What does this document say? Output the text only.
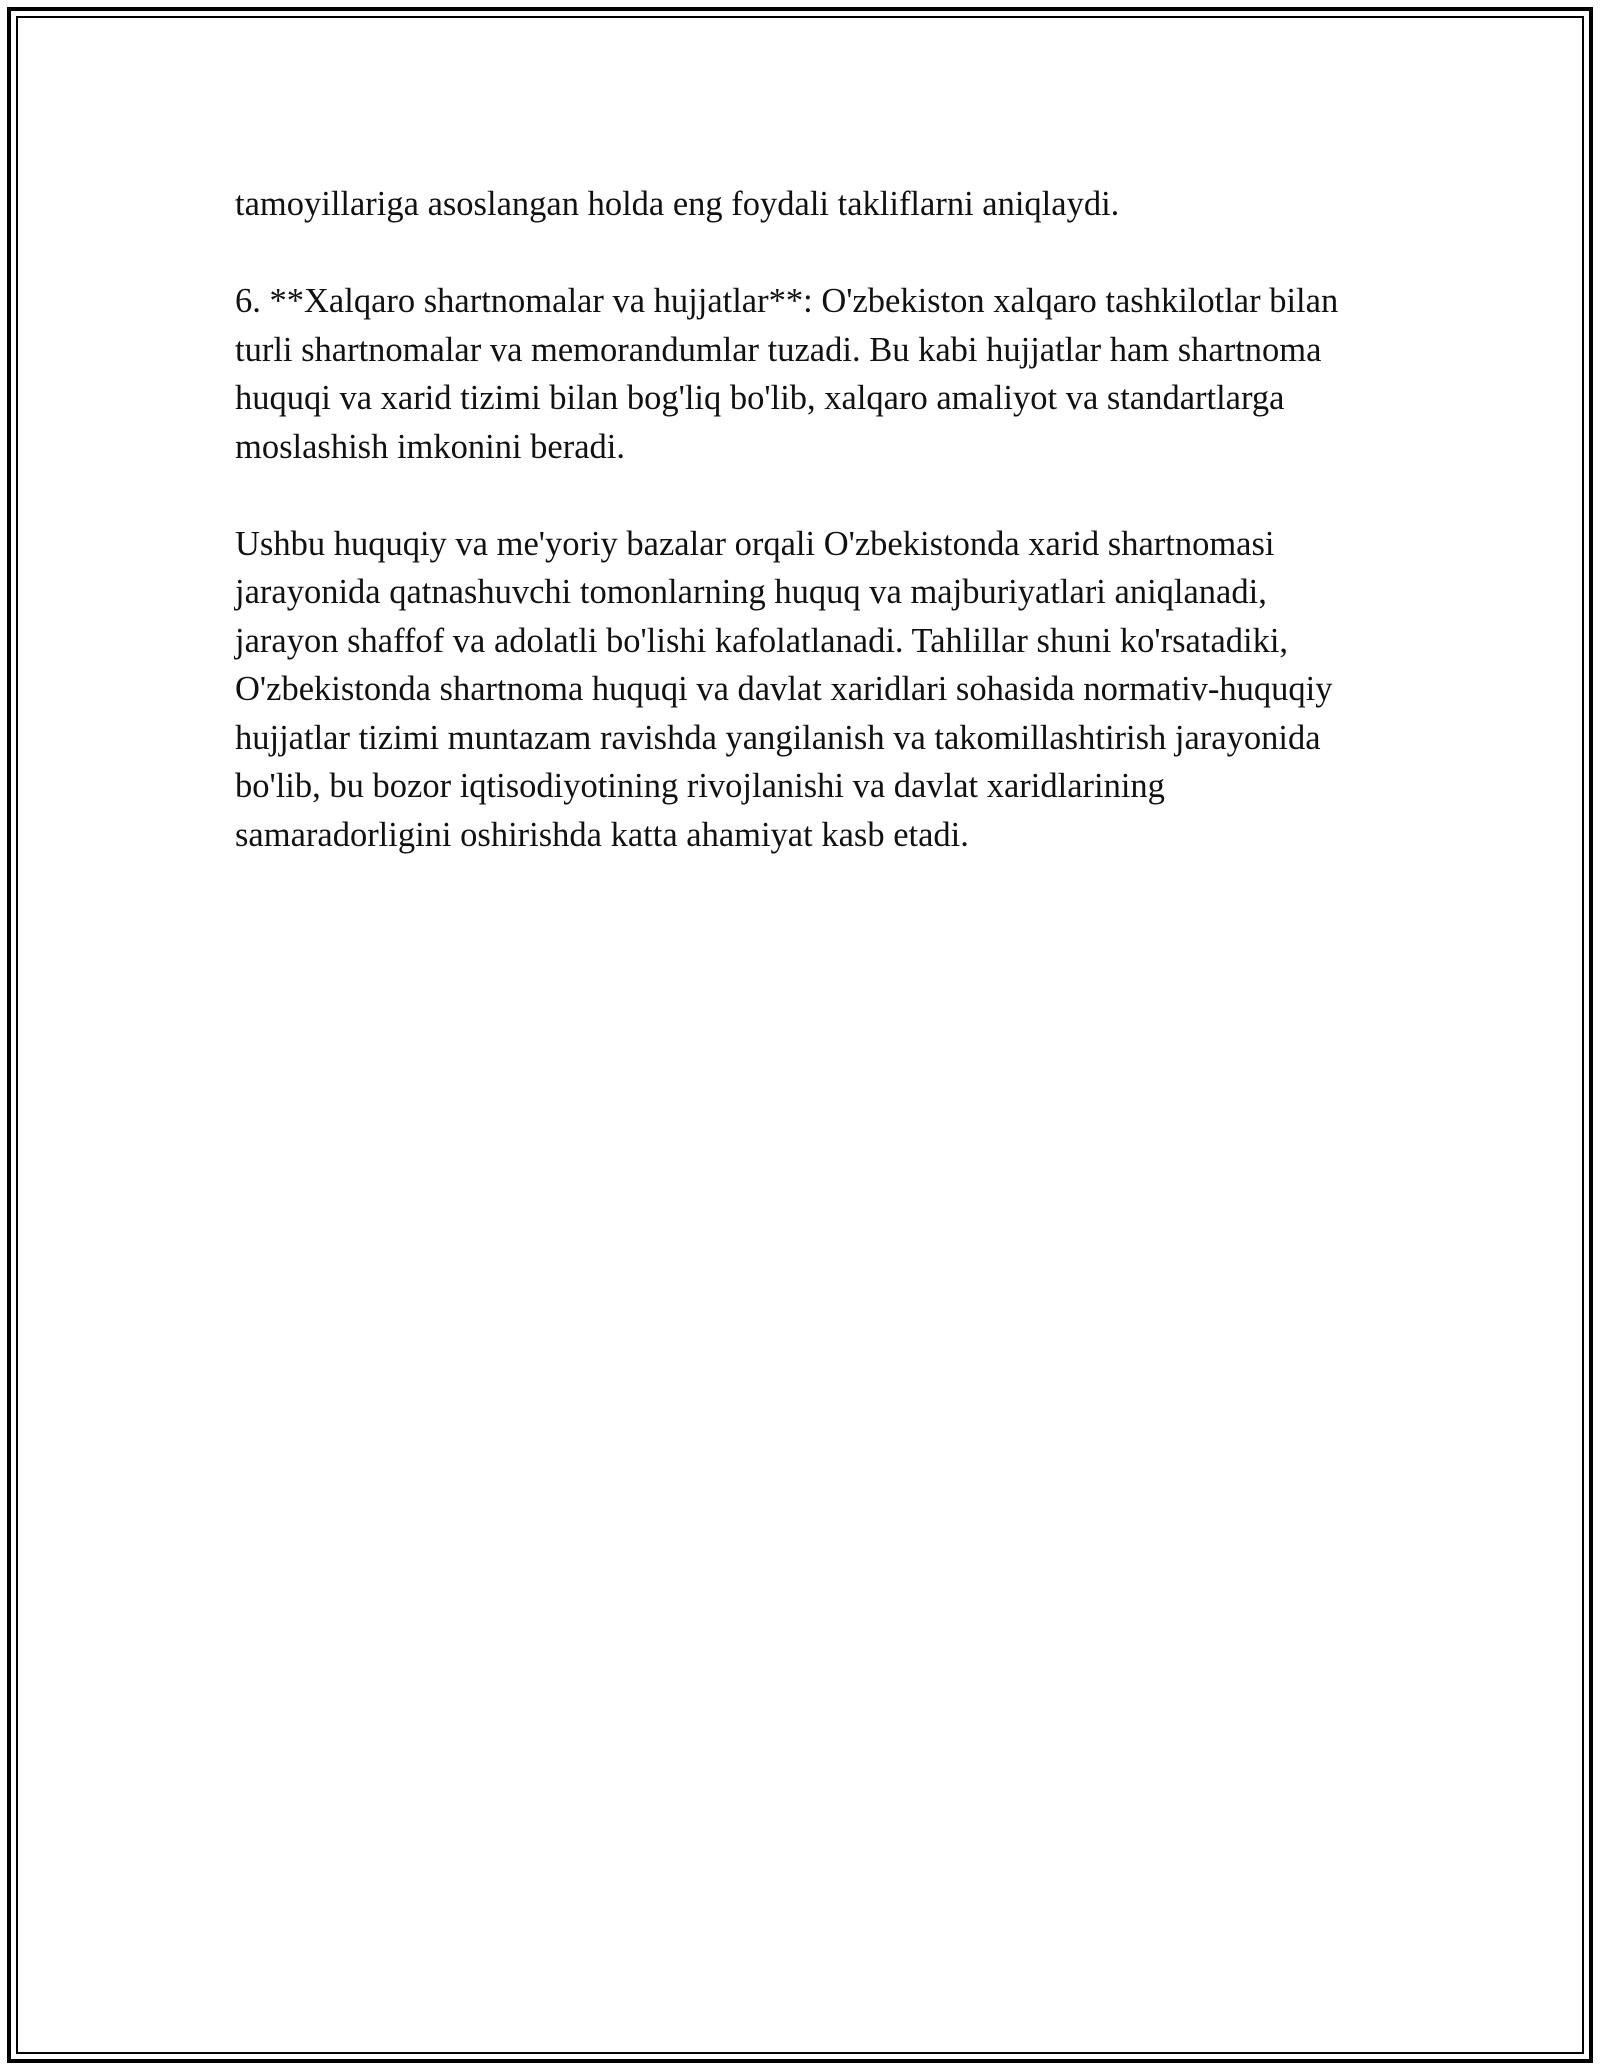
tamoyillariga asoslangan holda eng foydali takliflarni aniqlaydi.

6. **Xalqaro shartnomalar va hujjatlar**: O'zbekiston xalqaro tashkilotlar bilan turli shartnomalar va memorandumlar tuzadi. Bu kabi hujjatlar ham shartnoma huquqi va xarid tizimi bilan bog'liq bo'lib, xalqaro amaliyot va standartlarga moslashish imkonini beradi.

Ushbu huquqiy va me'yoriy bazalar orqali O'zbekistonda xarid shartnomasi jarayonida qatnashuvchi tomonlarning huquq va majburiyatlari aniqlanadi, jarayon shaffof va adolatli bo'lishi kafolatlanadi. Tahlillar shuni ko'rsatadiki, O'zbekistonda shartnoma huquqi va davlat xaridlari sohasida normativ-huquqiy hujjatlar tizimi muntazam ravishda yangilanish va takomillashtirish jarayonida bo'lib, bu bozor iqtisodiyotining rivojlanishi va davlat xaridlarining samaradorligini oshirishda katta ahamiyat kasb etadi.
